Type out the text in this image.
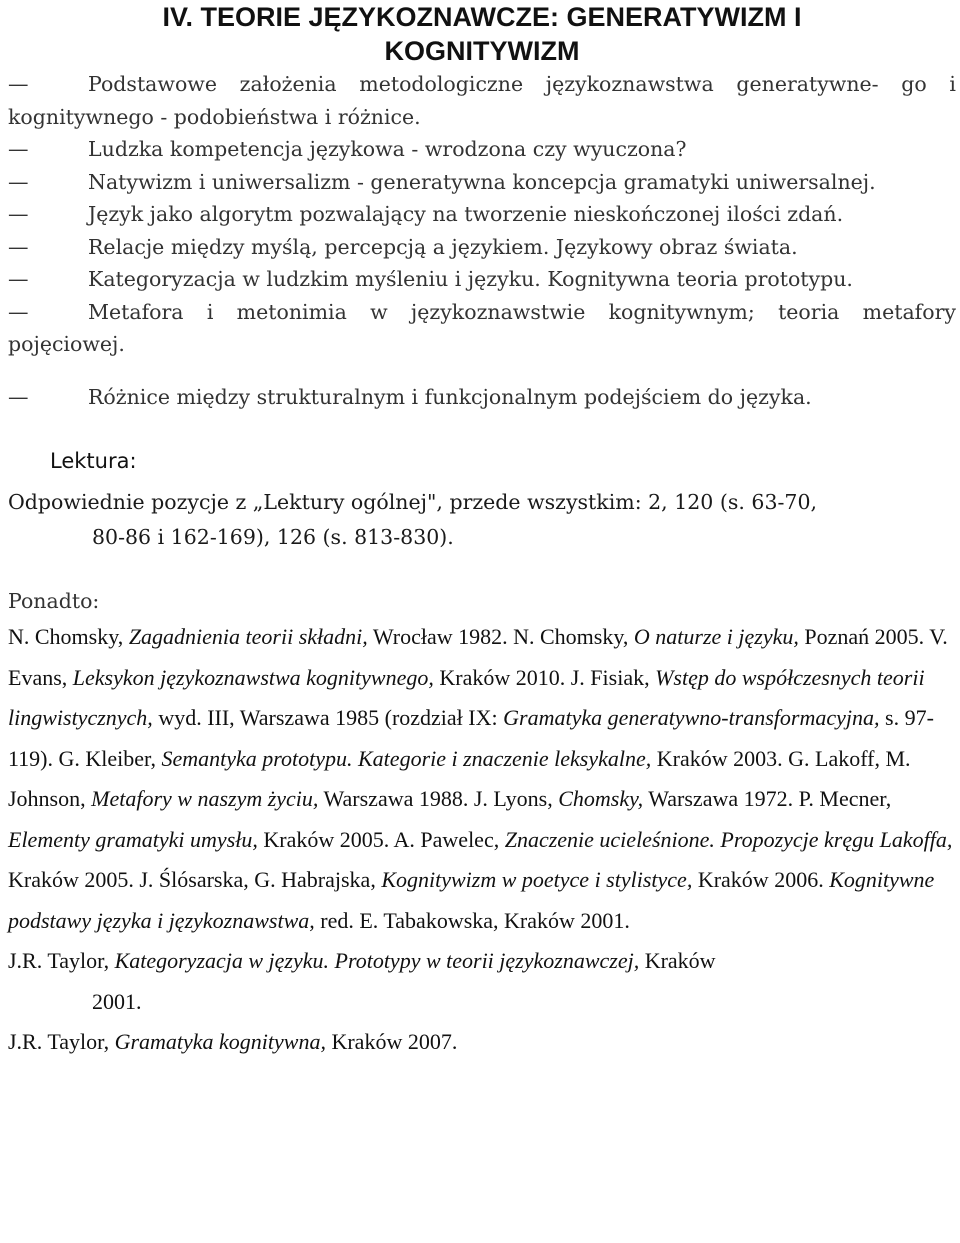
IV. TEORIE JĘZYKOZNAWCZE: GENERATYWIZM I
KOGNITYWIZM
—	Podstawowe założenia metodologiczne językoznawstwa generatywne- go i kognitywnego - podobieństwa i różnice.
—	Ludzka kompetencja językowa - wrodzona czy wyuczona?
—	Natywizm i uniwersalizm - generatywna koncepcja gramatyki uniwersalnej.
—	Język jako algorytm pozwalający na tworzenie nieskończonej ilości zdań.
—	Relacje między myślą, percepcją a językiem. Językowy obraz świata.
—	Kategoryzacja w ludzkim myśleniu i języku. Kognitywna teoria prototypu.
—	Metafora i metonimia w językoznawstwie kognitywnym; teoria metafory pojęciowej.
—	Różnice między strukturalnym i funkcjonalnym podejściem do języka.
Lektura:

Odpowiednie pozycje z „Lektury ogólnej", przede wszystkim: 2, 120 (s. 63-70,
80-86 i 162-169), 126 (s. 813-830).

Ponadto:

N. Chomsky, Zagadnienia teorii składni, Wrocław 1982. N. Chomsky, O naturze i języku, Poznań 2005. V. Evans, Leksykon językoznawstwa kognitywnego, Kraków 2010. J. Fisiak, Wstęp do współczesnych teorii lingwistycznych, wyd. III, Warszawa 1985 (rozdział IX: Gramatyka generatywno-transformacyjna, s. 97-119). G. Kleiber, Semantyka prototypu. Kategorie i znaczenie leksykalne, Kraków 2003. G. Lakoff, M. Johnson, Metafory w naszym życiu, Warszawa 1988. J. Lyons, Chomsky, Warszawa 1972. P. Mecner, Elementy gramatyki umysłu, Kraków 2005. A. Pawelec, Znaczenie ucieleśnione. Propozycje kręgu Lakoffa, Kraków 2005. J. Ślósarska, G. Habrajska, Kognitywizm w poetyce i stylistyce, Kraków 2006. Kognitywne podstawy języka i językoznawstwa, red. E. Tabakowska, Kraków 2001.

J.R. Taylor, Kategoryzacja w języku. Prototypy w teorii językoznawczej, Kraków
2001.

J.R. Taylor, Gramatyka kognitywna, Kraków 2007.
